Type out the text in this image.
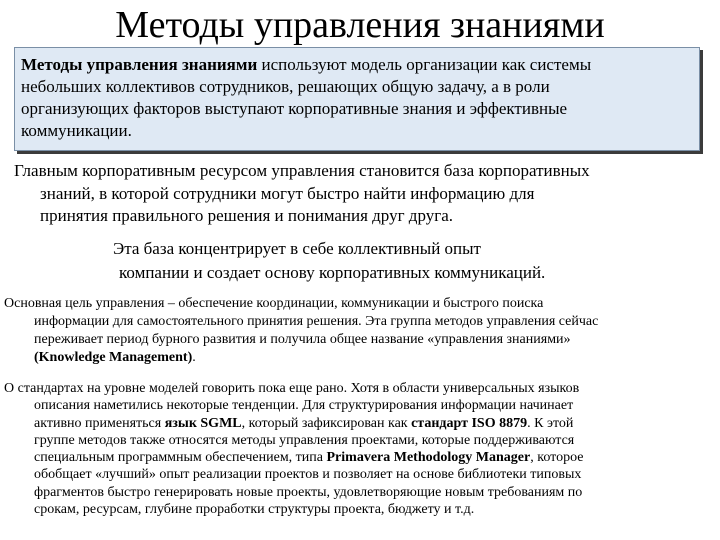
Методы управления знаниями
Методы управления знаниями используют модель организации как системы
небольших коллективов сотрудников, решающих общую задачу, а в роли
организующих факторов выступают корпоративные знания и эффективные
коммуникации.
Главным корпоративным ресурсом управления становится база корпоративных
знаний, в которой сотрудники могут быстро найти информацию для
принятия правильного решения и понимания друг друга.
Эта база концентрирует в себе коллективный опыт
компании и создает основу корпоративных коммуникаций.
Основная цель управления – обеспечение координации, коммуникации и быстрого поиска
информации для самостоятельного принятия решения. Эта группа методов управления сейчас
переживает период бурного развития и получила общее название «управления знаниями»
(Knowledge Management).
О стандартах на уровне моделей говорить пока еще рано. Хотя в области универсальных языков
описания наметились некоторые тенденции. Для структурирования информации начинает
активно применяться язык SGML, который зафиксирован как стандарт ISO 8879. К этой
группе методов также относятся методы управления проектами, которые поддерживаются
специальным программным обеспечением, типа Primavera Methodology Manager, которое
обобщает «лучший» опыт реализации проектов и позволяет на основе библиотеки типовых
фрагментов быстро генерировать новые проекты, удовлетворяющие новым требованиям по
срокам, ресурсам, глубине проработки структуры проекта, бюджету и т.д.
